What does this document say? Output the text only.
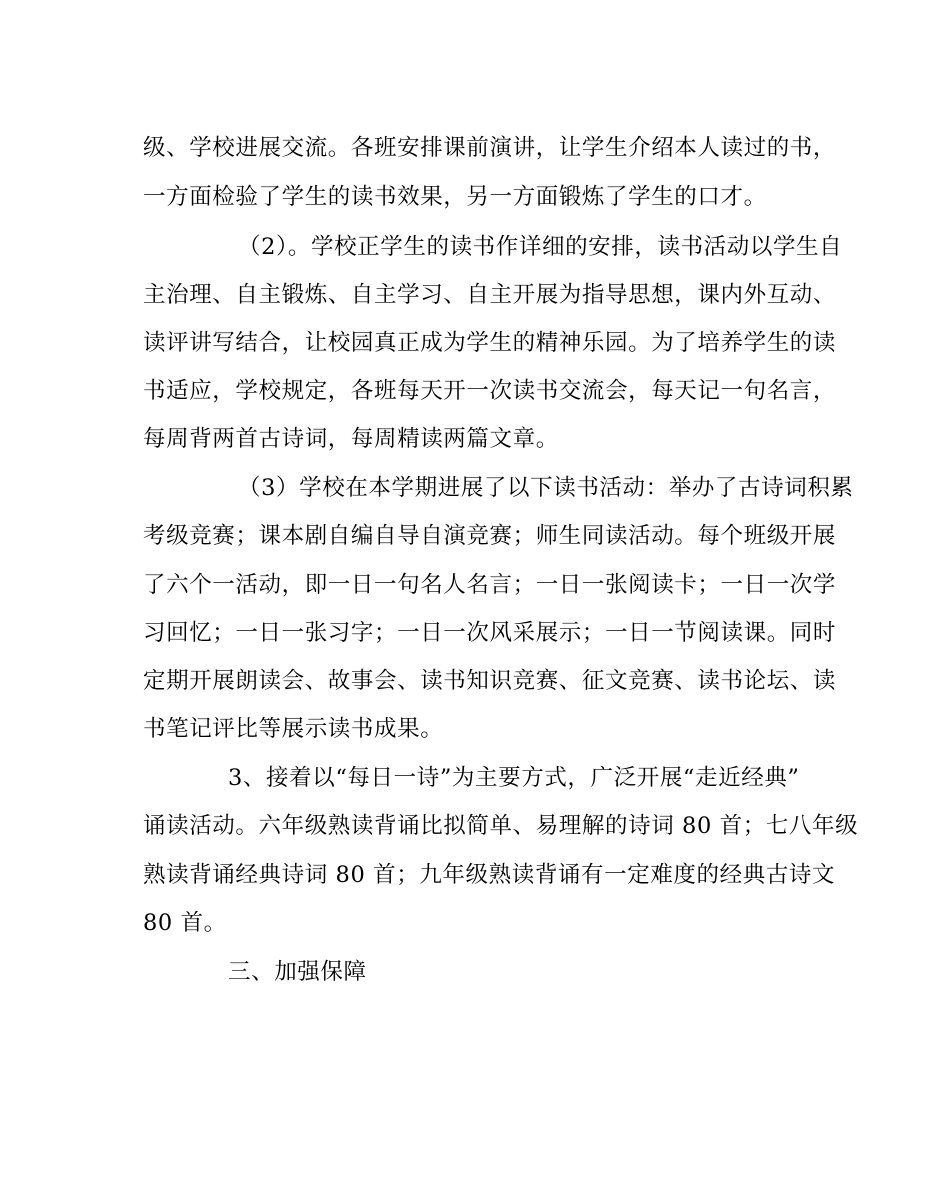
级、学校进展交流。各班安排课前演讲，让学生介绍本人读过的书，
一方面检验了学生的读书效果，另一方面锻炼了学生的口才。
（2）。学校正学生的读书作详细的安排，读书活动以学生自
主治理、自主锻炼、自主学习、自主开展为指导思想，课内外互动、
读评讲写结合，让校园真正成为学生的精神乐园。为了培养学生的读
书适应，学校规定，各班每天开一次读书交流会，每天记一句名言，
每周背两首古诗词，每周精读两篇文章。
（3）学校在本学期进展了以下读书活动：举办了古诗词积累
考级竞赛；课本剧自编自导自演竞赛；师生同读活动。每个班级开展
了六个一活动，即一日一句名人名言；一日一张阅读卡；一日一次学
习回忆；一日一张习字；一日一次风采展示；一日一节阅读课。同时
定期开展朗读会、故事会、读书知识竞赛、征文竞赛、读书论坛、读
书笔记评比等展示读书成果。
3、接着以“每日一诗”为主要方式，广泛开展“走近经典”
诵读活动。六年级熟读背诵比拟简单、易理解的诗词 80 首；七八年级
熟读背诵经典诗词 80 首；九年级熟读背诵有一定难度的经典古诗文
80 首。
三、加强保障
